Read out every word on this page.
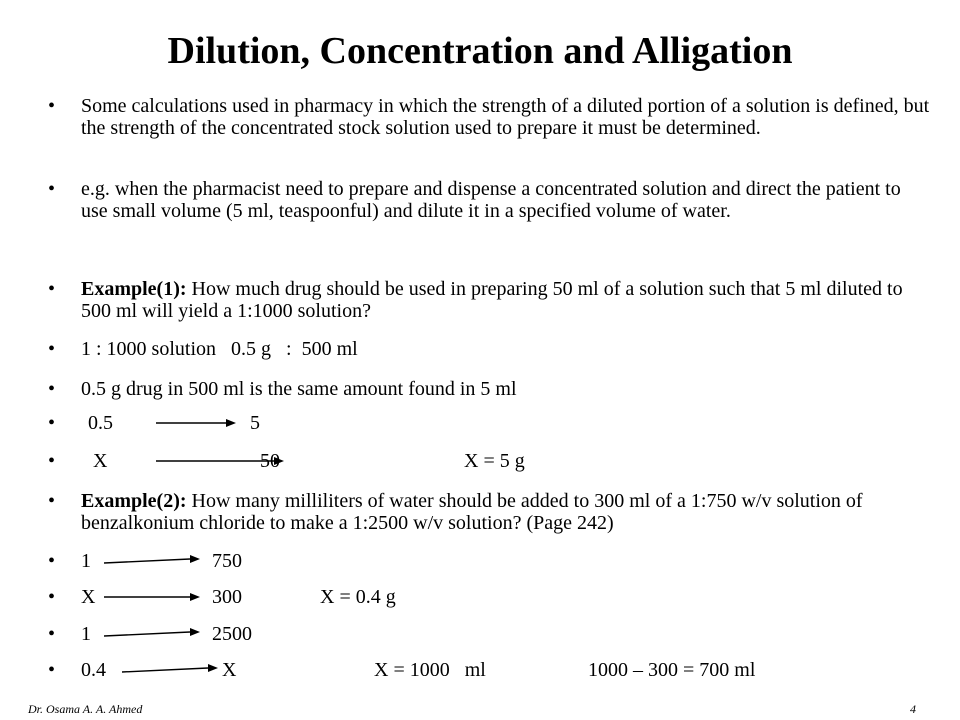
Dilution, Concentration and Alligation
•	Some calculations used in pharmacy in which the strength of a diluted portion of a solution is defined, but the strength of the concentrated stock solution used to prepare it must be determined.
•	e.g. when the pharmacist need to prepare and dispense a concentrated solution and direct the patient to use small volume (5 ml, teaspoonful) and dilute it in a specified volume of water.
•	Example(1): How much drug should be used in preparing 50 ml of a solution such that 5 ml diluted to 500 ml will yield a 1:1000 solution?
•	1 : 1000 solution   0.5 g   :  500 ml
•	0.5 g drug in 500 ml is the same amount found in 5 ml
•	0.5	5
•	X	50	X = 5 g
•	Example(2): How many milliliters of water should be added to 300 ml of a 1:750 w/v solution of benzalkonium chloride to make a 1:2500 w/v solution? (Page 242)
•	1	750
•	X	300	X = 0.4 g
•	1	2500
•	0.4	X	X = 1000   ml	1000 – 300 = 700 ml
Dr. Osama A. A. Ahmed	4
